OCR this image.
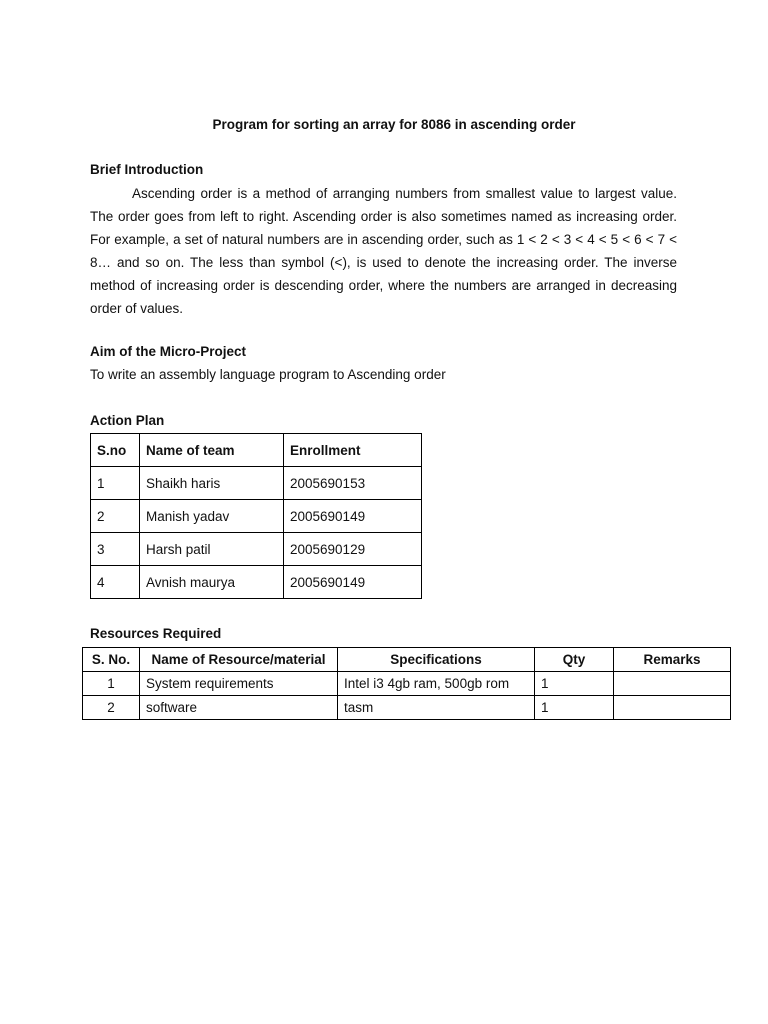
Program for sorting an array for 8086 in ascending order
Brief Introduction

Ascending order is a method of arranging numbers from smallest value to largest value. The order goes from left to right. Ascending order is also sometimes named as increasing order. For example, a set of natural numbers are in ascending order, such as 1 < 2 < 3 < 4 < 5 < 6 < 7 < 8… and so on. The less than symbol (<), is used to denote the increasing order. The inverse method of increasing order is descending order, where the numbers are arranged in decreasing order of values.

Aim of the Micro-Project
To write an assembly language program to Ascending order
Action Plan
S.no	Name of team	Enrollment
1	Shaikh haris	2005690153
2	Manish yadav	2005690149
3	Harsh patil	2005690129
4	Avnish maurya	2005690149
Resources Required
S. No.	Name of Resource/material	Specifications	Qty	Remarks
1	System requirements	Intel i3 4gb ram, 500gb rom	1	
2	software	tasm	1	
